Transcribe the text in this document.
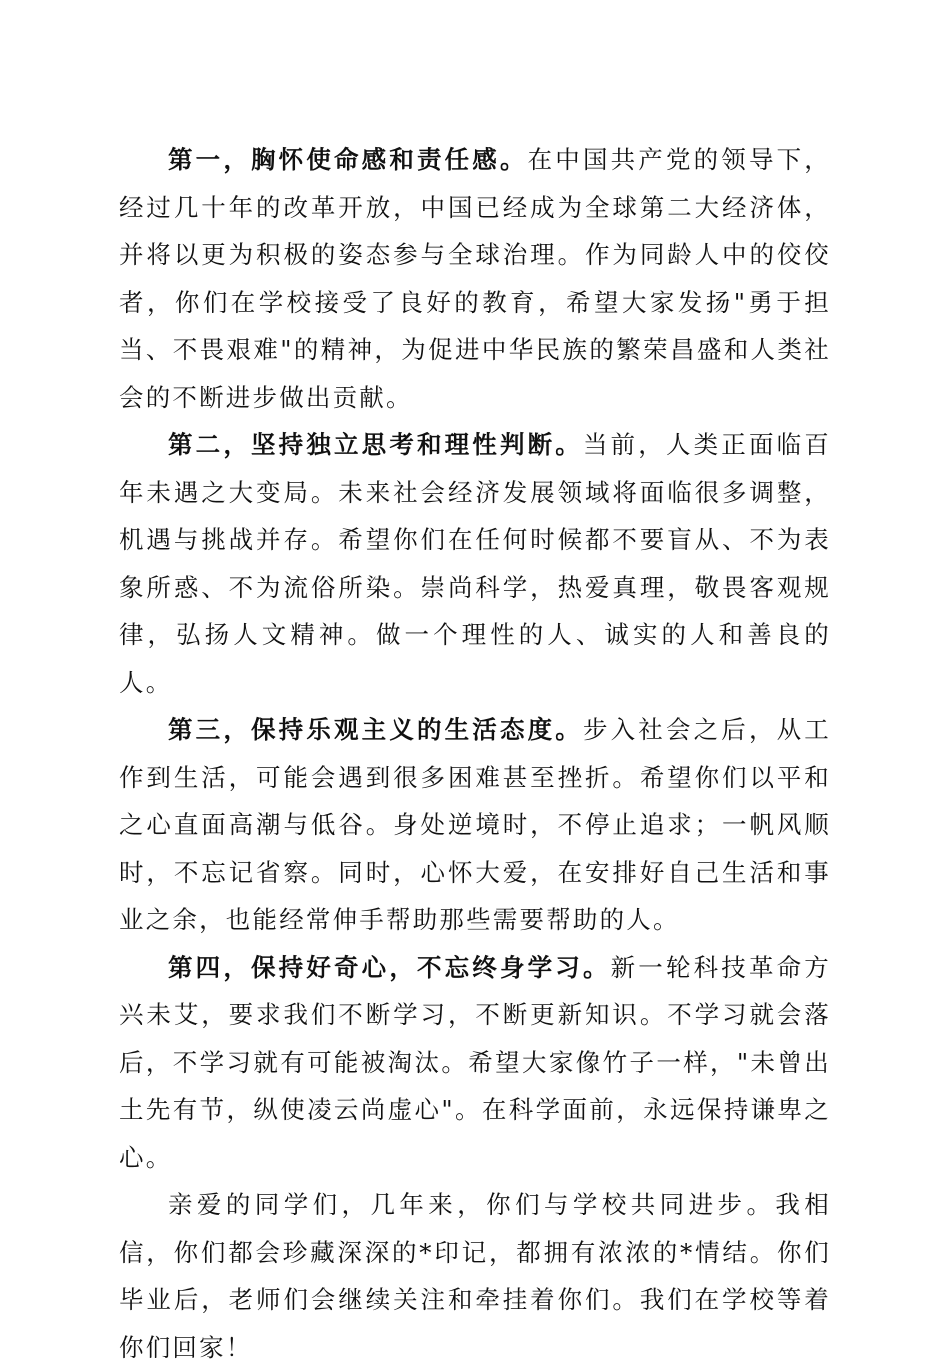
第一，胸怀使命感和责任感。在中国共产党的领导下，经过几十年的改革开放，中国已经成为全球第二大经济体，并将以更为积极的姿态参与全球治理。作为同龄人中的佼佼者，你们在学校接受了良好的教育，希望大家发扬"勇于担当、不畏艰难"的精神，为促进中华民族的繁荣昌盛和人类社会的不断进步做出贡献。

第二，坚持独立思考和理性判断。当前，人类正面临百年未遇之大变局。未来社会经济发展领域将面临很多调整，机遇与挑战并存。希望你们在任何时候都不要盲从、不为表象所惑、不为流俗所染。崇尚科学，热爱真理，敬畏客观规律，弘扬人文精神。做一个理性的人、诚实的人和善良的人。

第三，保持乐观主义的生活态度。步入社会之后，从工作到生活，可能会遇到很多困难甚至挫折。希望你们以平和之心直面高潮与低谷。身处逆境时，不停止追求；一帆风顺时，不忘记省察。同时，心怀大爱，在安排好自己生活和事业之余，也能经常伸手帮助那些需要帮助的人。

第四，保持好奇心，不忘终身学习。新一轮科技革命方兴未艾，要求我们不断学习，不断更新知识。不学习就会落后，不学习就有可能被淘汰。希望大家像竹子一样，"未曾出土先有节，纵使凌云尚虚心"。在科学面前，永远保持谦卑之心。

亲爱的同学们，几年来，你们与学校共同进步。我相信，你们都会珍藏深深的*印记，都拥有浓浓的*情结。你们毕业后，老师们会继续关注和牵挂着你们。我们在学校等着你们回家！
